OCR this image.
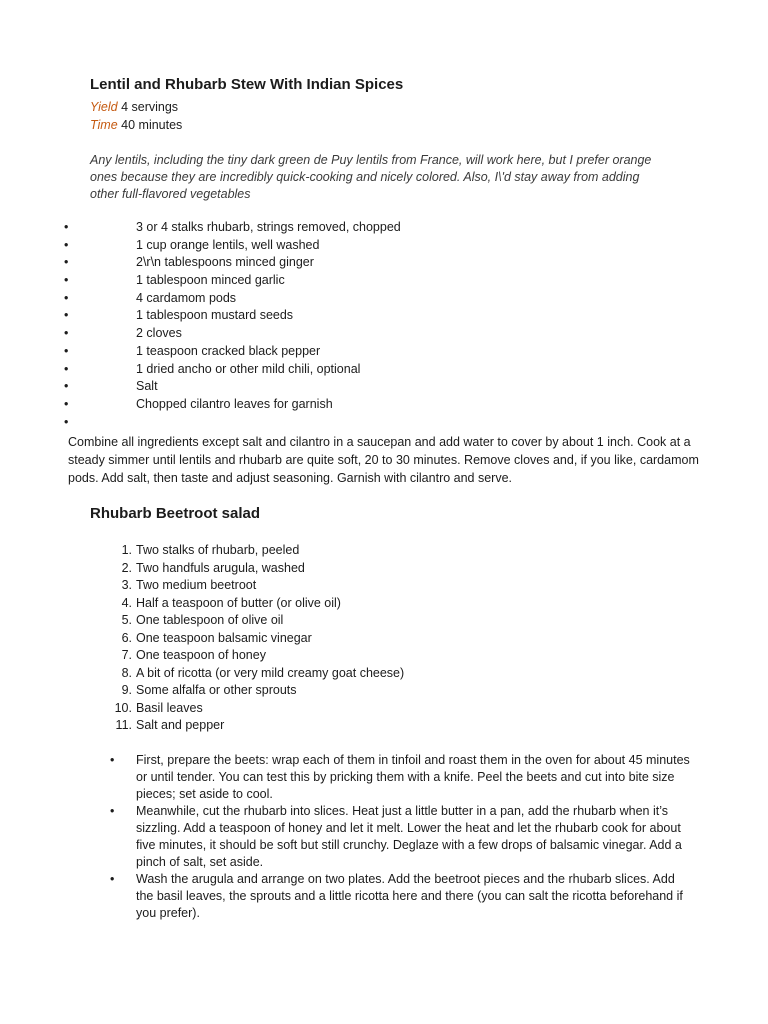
Lentil and Rhubarb Stew With Indian Spices
Yield 4 servings
Time 40 minutes

Any lentils, including the tiny dark green de Puy lentils from France, will work here, but I prefer orange ones because they are incredibly quick-cooking and nicely colored. Also, I\'d stay away from adding other full-flavored vegetables

•	3 or 4 stalks rhubarb, strings removed, chopped
•	1 cup orange lentils, well washed
•	2\r\n tablespoons minced ginger
•	1 tablespoon minced garlic
•	4 cardamom pods
•	1 tablespoon mustard seeds
•	2 cloves
•	1 teaspoon cracked black pepper
•	1 dried ancho or other mild chili, optional
•	Salt
•	Chopped cilantro leaves for garnish
•

Combine all ingredients except salt and cilantro in a saucepan and add water to cover by about 1 inch. Cook at a steady simmer until lentils and rhubarb are quite soft, 20 to 30 minutes. Remove cloves and, if you like, cardamom pods. Add salt, then taste and adjust seasoning. Garnish with cilantro and serve.

Rhubarb Beetroot salad
1. Two stalks of rhubarb, peeled
2. Two handfuls arugula, washed
3. Two medium beetroot
4. Half a teaspoon of butter (or olive oil)
5. One tablespoon of olive oil
6. One teaspoon balsamic vinegar
7. One teaspoon of honey
8. A bit of ricotta (or very mild creamy goat cheese)
9. Some alfalfa or other sprouts
10. Basil leaves
11. Salt and pepper
• First, prepare the beets: wrap each of them in tinfoil and roast them in the oven for about 45 minutes or until tender. You can test this by pricking them with a knife. Peel the beets and cut into bite size pieces; set aside to cool.
• Meanwhile, cut the rhubarb into slices. Heat just a little butter in a pan, add the rhubarb when it’s sizzling. Add a teaspoon of honey and let it melt. Lower the heat and let the rhubarb cook for about five minutes, it should be soft but still crunchy. Deglaze with a few drops of balsamic vinegar. Add a pinch of salt, set aside.
• Wash the arugula and arrange on two plates. Add the beetroot pieces and the rhubarb slices. Add the basil leaves, the sprouts and a little ricotta here and there (you can salt the ricotta beforehand if you prefer).
